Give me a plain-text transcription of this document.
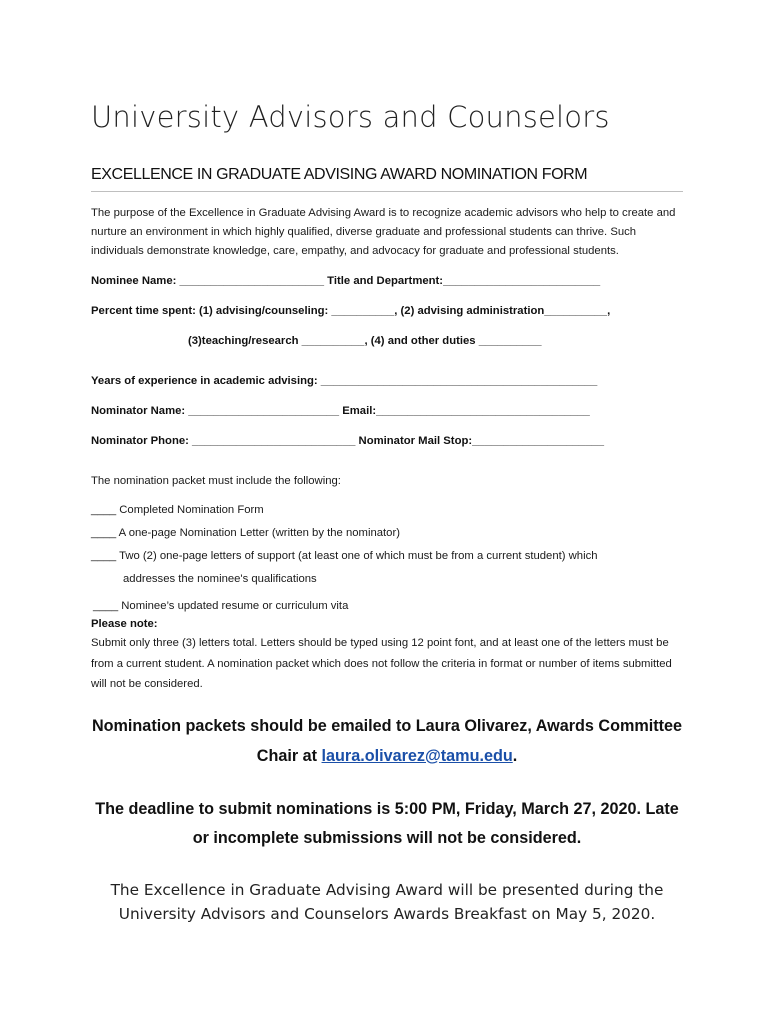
University Advisors and Counselors
EXCELLENCE IN GRADUATE ADVISING AWARD NOMINATION FORM

The purpose of the Excellence in Graduate Advising Award is to recognize academic advisors who help to create and nurture an environment in which highly qualified, diverse graduate and professional students can thrive. Such individuals demonstrate knowledge, care, empathy, and advocacy for graduate and professional students.

Nominee Name: _______________________ Title and Department:_________________________
Percent time spent: (1) advising/counseling: __________, (2) advising administration__________,
(3)teaching/research __________, (4) and other duties __________
Years of experience in academic advising: ____________________________________________
Nominator Name: ________________________ Email:__________________________________
Nominator Phone: __________________________ Nominator Mail Stop:_____________________
The nomination packet must include the following:
____ Completed Nomination Form
____ A one-page Nomination Letter (written by the nominator)
____ Two (2) one-page letters of support (at least one of which must be from a current student) which
addresses the nominee's qualifications
____ Nominee’s updated resume or curriculum vita
Please note:
Submit only three (3) letters total. Letters should be typed using 12 point font, and at least one of the letters must be from a current student. A nomination packet which does not follow the criteria in format or number of items submitted will not be considered.
Nomination packets should be emailed to Laura Olivarez, Awards Committee Chair at laura.olivarez@tamu.edu.
The deadline to submit nominations is 5:00 PM, Friday, March 27, 2020. Late or incomplete submissions will not be considered.
The Excellence in Graduate Advising Award will be presented during the University Advisors and Counselors Awards Breakfast on May 5, 2020.
